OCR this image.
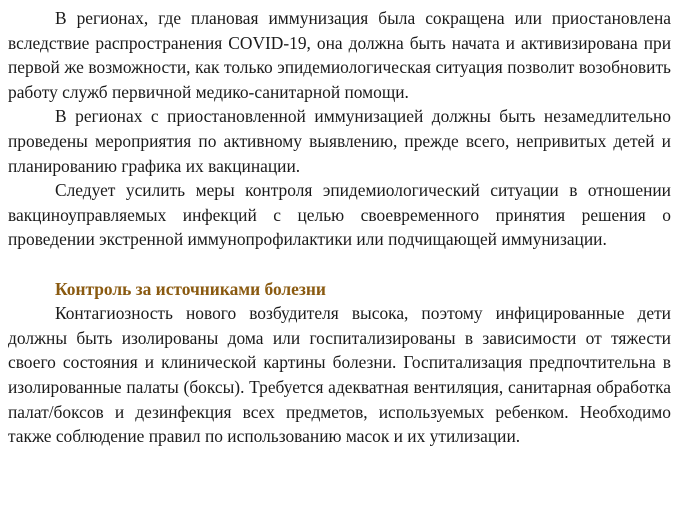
В регионах, где плановая иммунизация была сокращена или приостановлена вследствие распространения COVID-19, она должна быть начата и активизирована при первой же возможности, как только эпидемиологическая ситуация позволит возобновить работу служб первичной медико-санитарной помощи.

В регионах с приостановленной иммунизацией должны быть незамедлительно проведены мероприятия по активному выявлению, прежде всего, непривитых детей и планированию графика их вакцинации.

Следует усилить меры контроля эпидемиологический ситуации в отношении вакциноуправляемых инфекций с целью своевременного принятия решения о проведении экстренной иммунопрофилактики или подчищающей иммунизации.

Контроль за источниками болезни

Контагиозность нового возбудителя высока, поэтому инфицированные дети должны быть изолированы дома или госпитализированы в зависимости от тяжести своего состояния и клинической картины болезни. Госпитализация предпочтительна в изолированные палаты (боксы). Требуется адекватная вентиляция, санитарная обработка палат/боксов и дезинфекция всех предметов, используемых ребенком. Необходимо также соблюдение правил по использованию масок и их утилизации.
